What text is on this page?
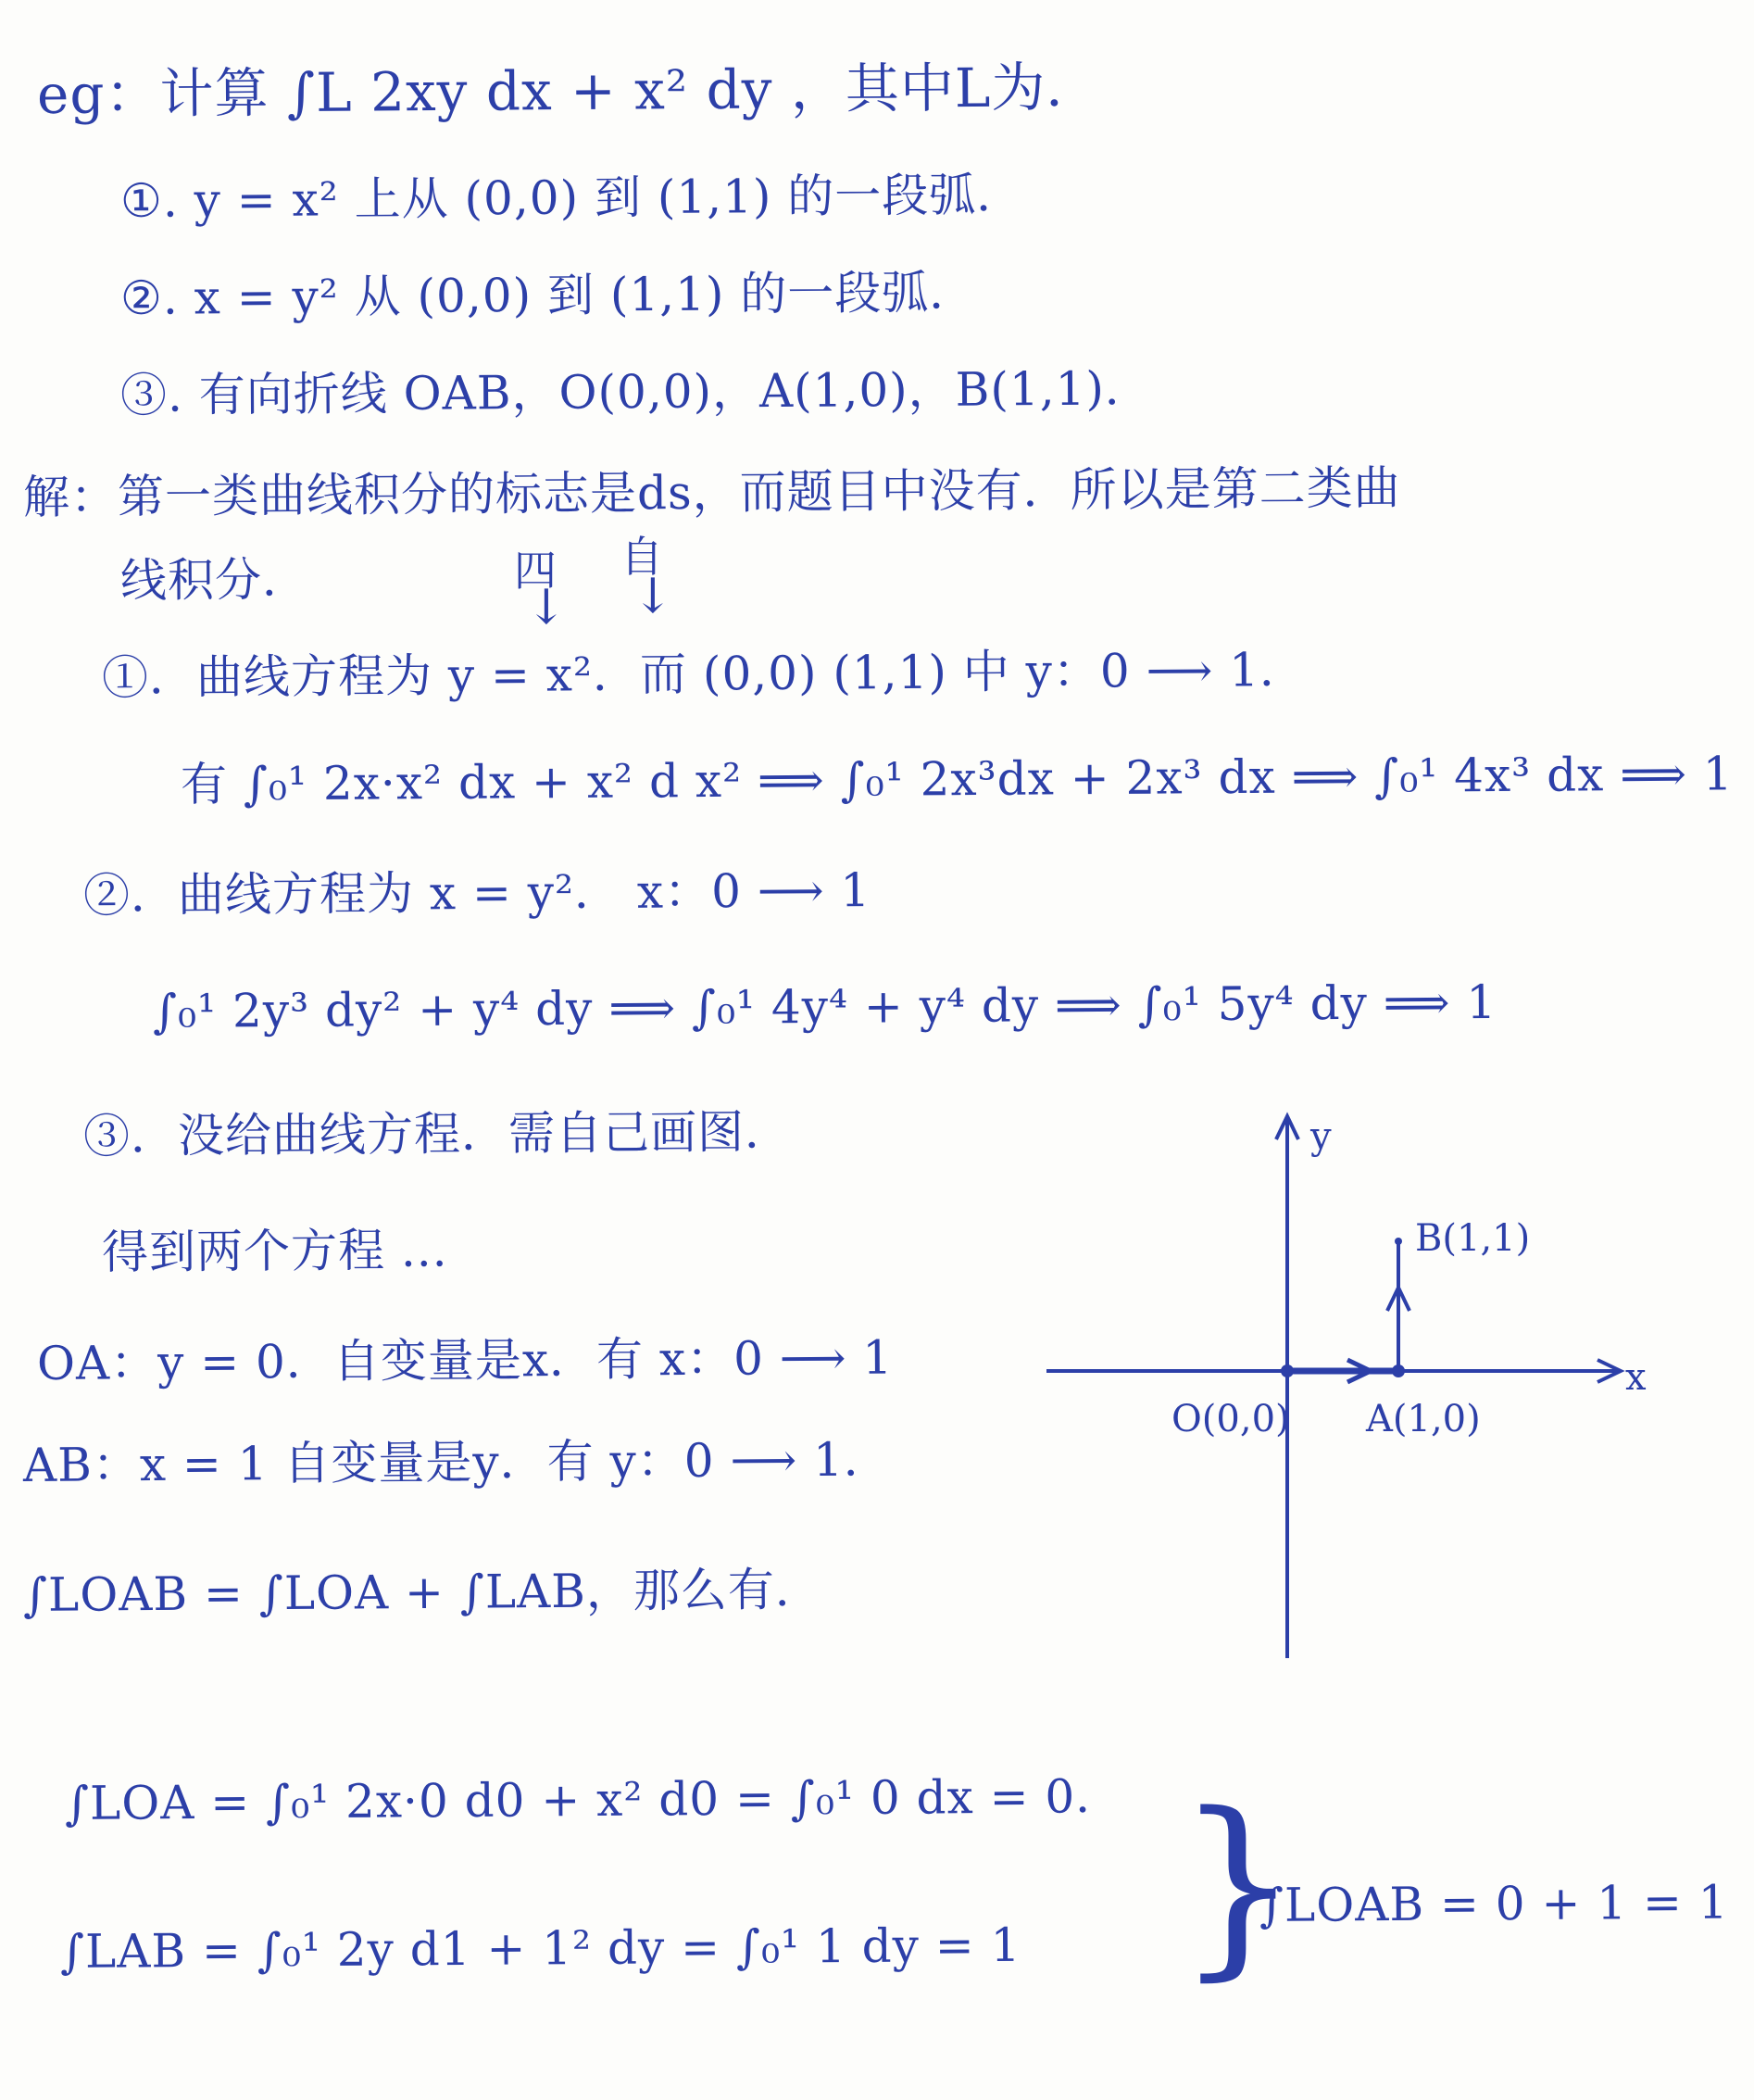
eg：计算 ∫L 2xy dx + x² dy ，其中L为．
①. y = x² 上从 (0,0) 到 (1,1) 的一段弧．
②. x = y² 从 (0,0) 到 (1,1) 的一段弧．
③. 有向折线 OAB，O(0,0)，A(1,0)，B(1,1)．
解：第一类曲线积分的标志是ds，而题目中没有．所以是第二类曲
线积分．	四
↓
自
↓
①．曲线方程为 y = x²．而 (0,0) (1,1) 中 y：0 ⟶ 1．
有 ∫₀¹ 2x·x² dx + x² d x² ⟹ ∫₀¹ 2x³dx + 2x³ dx ⟹ ∫₀¹ 4x³ dx ⟹ 1
②．曲线方程为 x = y²． x：0 ⟶ 1
∫₀¹ 2y³ dy² + y⁴ dy ⟹ ∫₀¹ 4y⁴ + y⁴ dy ⟹ ∫₀¹ 5y⁴ dy ⟹ 1
③．没给曲线方程．需自己画图．
得到两个方程 ...
OA：y = 0．自变量是x．有 x：0 ⟶ 1
AB：x = 1 自变量是y．有 y：0 ⟶ 1．
∫LOAB = ∫LOA + ∫LAB，那么有．
∫LOA = ∫₀¹ 2x·0 d0 + x² d0 = ∫₀¹ 0 dx = 0．
∫LAB = ∫₀¹ 2y d1 + 1² dy = ∫₀¹ 1 dy = 1 }
∫LOAB = 0 + 1 = 1
y
x
O(0,0) A(1,0)
B(1,1)
